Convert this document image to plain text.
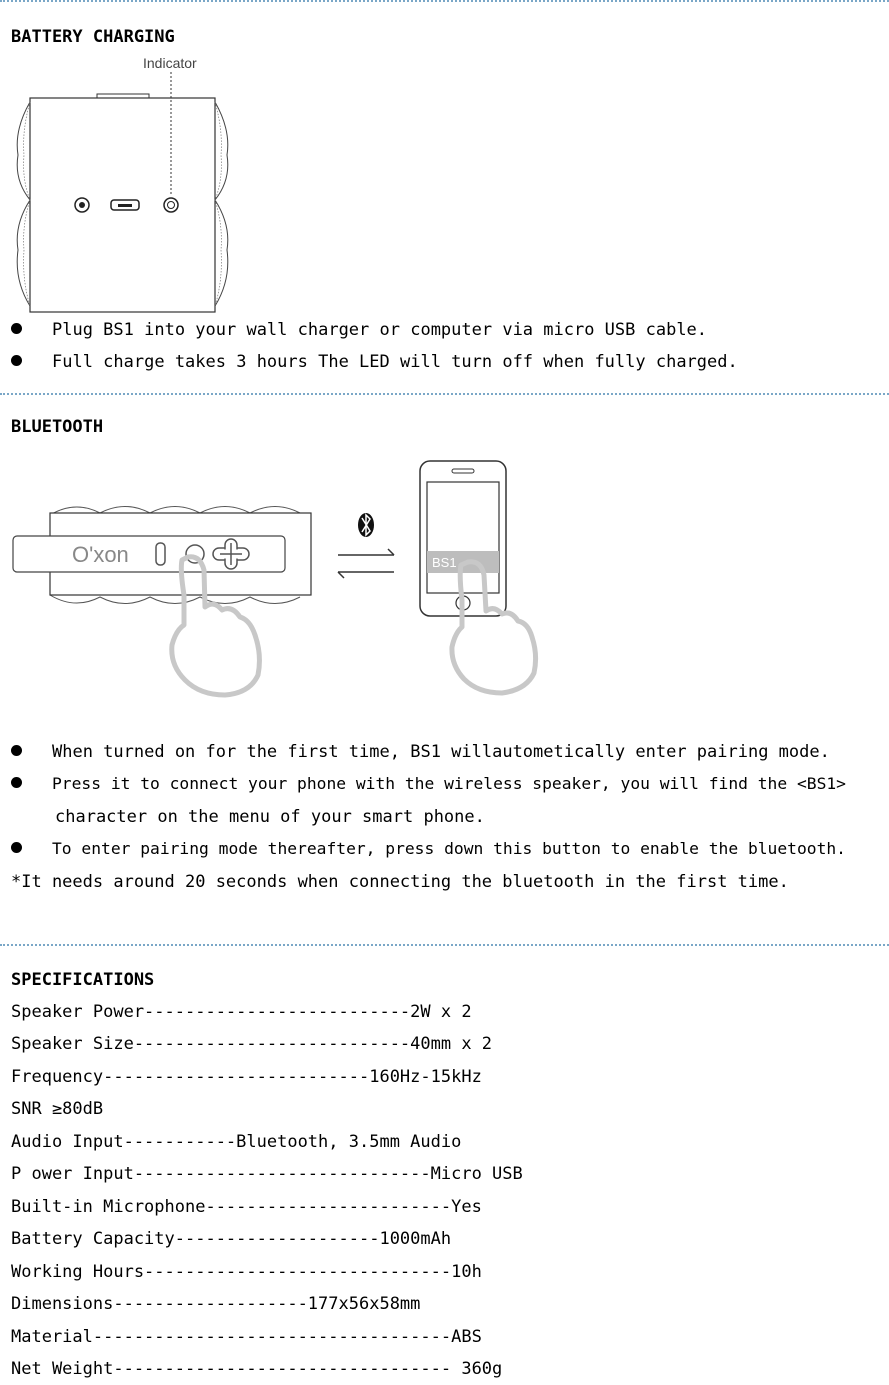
BATTERY CHARGING
Indicator
Plug BS1 into your wall charger or computer via micro USB cable.
Full charge takes 3 hours The LED will turn off when fully charged.
BLUETOOTH
O'xon	BS1
When turned on for the first time, BS1 willautometically enter pairing mode.
Press it to connect your phone with the wireless speaker, you will find the <BS1>
character on the menu of your smart phone.
To enter pairing mode thereafter, press down this button to enable the bluetooth.
*It needs around 20 seconds when connecting the bluetooth in the first time.
SPECIFICATIONS
Speaker Power--------------------------2W x 2
Speaker Size---------------------------40mm x 2
Frequency--------------------------160Hz-15kHz
SNR ≥80dB
Audio Input-----------Bluetooth, 3.5mm Audio
P ower Input-----------------------------Micro USB
Built-in Microphone------------------------Yes
Battery Capacity--------------------1000mAh
Working Hours------------------------------10h
Dimensions-------------------177x56x58mm
Material-----------------------------------ABS
Net Weight--------------------------------- 360g
